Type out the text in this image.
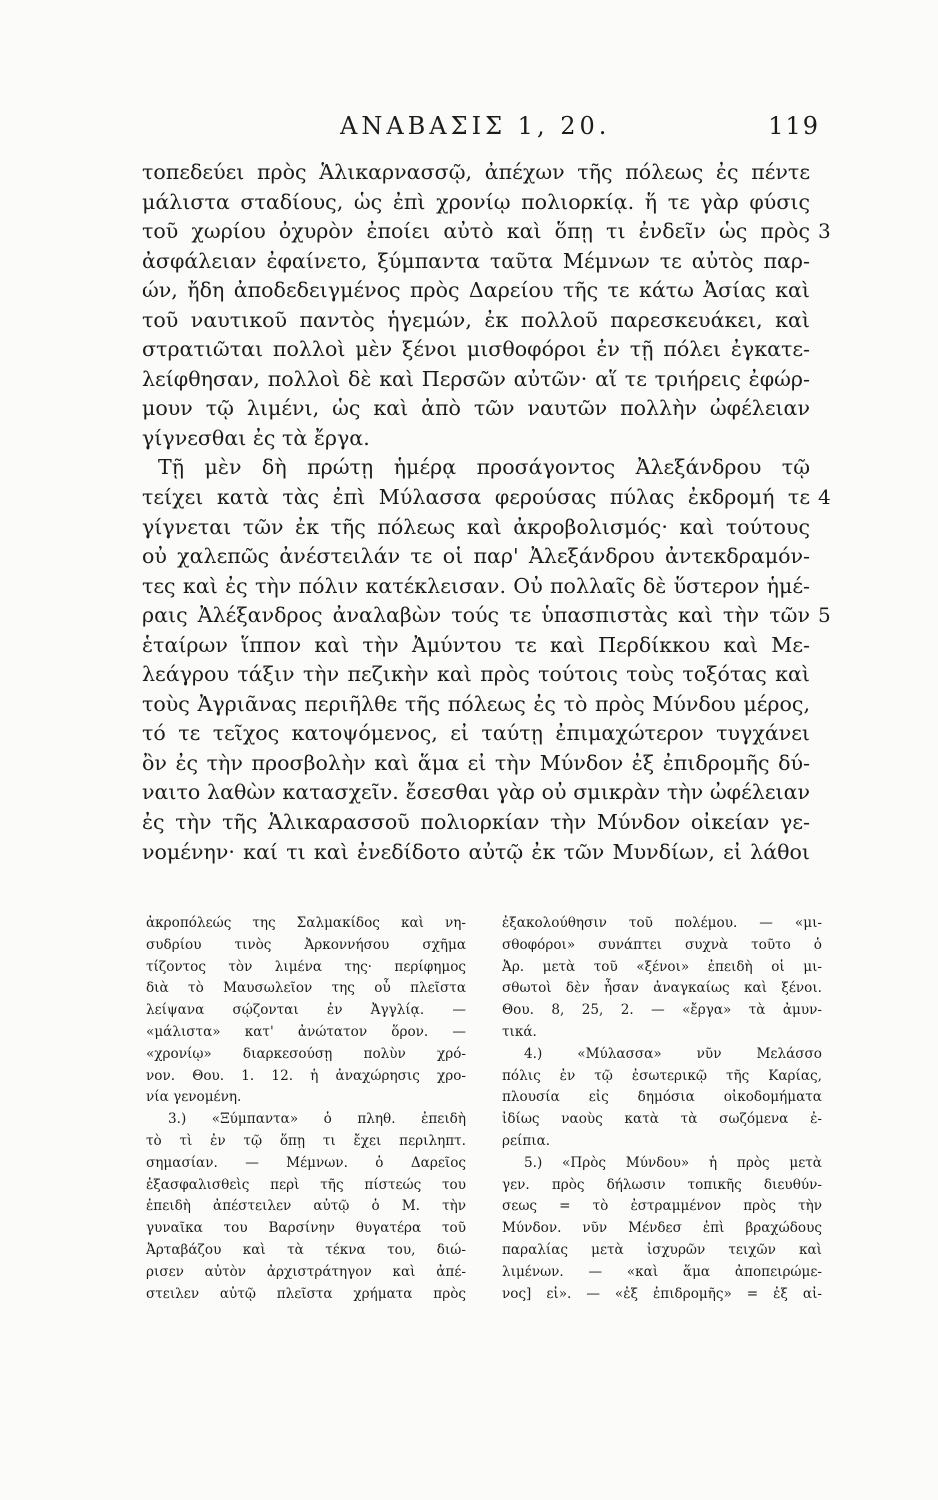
ΑΝΑΒΑΣΙΣ 1, 20.	119
τοπεδεύει πρὸς Ἁλικαρνασσῷ, ἀπέχων τῆς πόλεως ἐς πέντε
μάλιστα σταδίους, ὡς ἐπὶ χρονίῳ πολιορκίᾳ. ἥ τε γὰρ φύσις
τοῦ χωρίου ὀχυρὸν ἐποίει αὐτὸ καὶ ὅπῃ τι ἐνδεῖν ὡς πρὸς
ἀσφάλειαν ἐφαίνετο, ξύμπαντα ταῦτα Μέμνων τε αὐτὸς παρ-
ών, ἤδη ἀποδεδειγμένος πρὸς Δαρείου τῆς τε κάτω Ἀσίας καὶ
τοῦ ναυτικοῦ παντὸς ἡγεμών, ἐκ πολλοῦ παρεσκευάκει, καὶ
στρατιῶται πολλοὶ μὲν ξένοι μισθοφόροι ἐν τῇ πόλει ἐγκατε-
λείφθησαν, πολλοὶ δὲ καὶ Περσῶν αὐτῶν· αἵ τε τριήρεις ἐφώρ-
μουν τῷ λιμένι, ὡς καὶ ἀπὸ τῶν ναυτῶν πολλὴν ὠφέλειαν
γίγνεσθαι ἐς τὰ ἔργα.
Τῇ μὲν δὴ πρώτῃ ἡμέρᾳ προσάγοντος Ἀλεξάνδρου τῷ
τείχει κατὰ τὰς ἐπὶ Μύλασσα φερούσας πύλας ἐκδρομή τε
γίγνεται τῶν ἐκ τῆς πόλεως καὶ ἀκροβολισμός· καὶ τούτους
οὐ χαλεπῶς ἀνέστειλάν τε οἱ παρ' Ἀλεξάνδρου ἀντεκδραμόν-
τες καὶ ἐς τὴν πόλιν κατέκλεισαν. Οὐ πολλαῖς δὲ ὕστερον ἡμέ-
ραις Ἀλέξανδρος ἀναλαβὼν τούς τε ὑπασπιστὰς καὶ τὴν τῶν
ἑταίρων ἵππον καὶ τὴν Ἀμύντου τε καὶ Περδίκκου καὶ Με-
λεάγρου τάξιν τὴν πεζικὴν καὶ πρὸς τούτοις τοὺς τοξότας καὶ
τοὺς Ἀγριᾶνας περιῆλθε τῆς πόλεως ἐς τὸ πρὸς Μύνδου μέρος,
τό τε τεῖχος κατοψόμενος, εἰ ταύτῃ ἐπιμαχώτερον τυγχάνει
ὂν ἐς τὴν προσβολὴν καὶ ἅμα εἰ τὴν Μύνδον ἐξ ἐπιδρομῆς δύ-
ναιτο λαθὼν κατασχεῖν. ἔσεσθαι γὰρ οὐ σμικρὰν τὴν ὠφέλειαν
ἐς τὴν τῆς Ἁλικαρασσοῦ πολιορκίαν τὴν Μύνδον οἰκείαν γε-
νομένην· καί τι καὶ ἐνεδίδοτο αὐτῷ ἐκ τῶν Μυνδίων, εἰ λάθοι
3
4
5
ἀκροπόλεώς της Σαλμακίδος καὶ νη-
συδρίου τινὸς Ἀρκοννήσου σχῆμα
τίζοντος τὸν λιμένα της· περίφημος
διὰ τὸ Μαυσωλεῖον της οὗ πλεῖστα
λείψανα σῴζονται ἐν Ἀγγλίᾳ. —
«μάλιστα» κατ' ἀνώτατον ὅρον. —
«χρονίῳ» διαρκεσούσῃ πολὺν χρό-
νον. Θου. 1. 12. ἡ ἀναχώρησις χρο-
νία γενομένη.
3.) «Ξύμπαντα» ὁ πληθ. ἐπειδὴ
τὸ τὶ ἐν τῷ ὅπῃ τι ἔχει περιληπτ.
σημασίαν. — Μέμνων. ὁ Δαρεῖος
ἐξασφαλισθεὶς περὶ τῆς πίστεώς του
ἐπειδὴ ἀπέστειλεν αὐτῷ ὁ Μ. τὴν
γυναῖκα του Βαρσίνην θυγατέρα τοῦ
Ἀρταβάζου καὶ τὰ τέκνα του, διώ-
ρισεν αὐτὸν ἀρχιστράτηγον καὶ ἀπέ-
στειλεν αὐτῷ πλεῖστα χρήματα πρὸς
ἐξακολούθησιν τοῦ πολέμου. — «μι-
σθοφόροι» συνάπτει συχνὰ τοῦτο ὁ
Ἀρ. μετὰ τοῦ «ξένοι» ἐπειδὴ οἱ μι-
σθωτοὶ δὲν ἦσαν ἀναγκαίως καὶ ξένοι.
Θου. 8, 25, 2. — «ἔργα» τὰ ἀμυν-
τικά.
4.) «Μύλασσα» νῦν Μελάσσο
πόλις ἐν τῷ ἐσωτερικῷ τῆς Καρίας,
πλουσία εἰς δημόσια οἰκοδομήματα
ἰδίως ναοὺς κατὰ τὰ σωζόμενα ἐ-
ρείπια.
5.) «Πρὸς Μύνδου» ἡ πρὸς μετὰ
γεν. πρὸς δήλωσιν τοπικῆς διευθύν-
σεως = τὸ ἐστραμμένον πρὸς τὴν
Μύνδον. νῦν Μένδεσ ἐπὶ βραχώδους
παραλίας μετὰ ἰσχυρῶν τειχῶν καὶ
λιμένων. — «καὶ ἅμα ἀποπειρώμε-
νος] εἰ». — «ἐξ ἐπιδρομῆς» = ἐξ αἰ-
